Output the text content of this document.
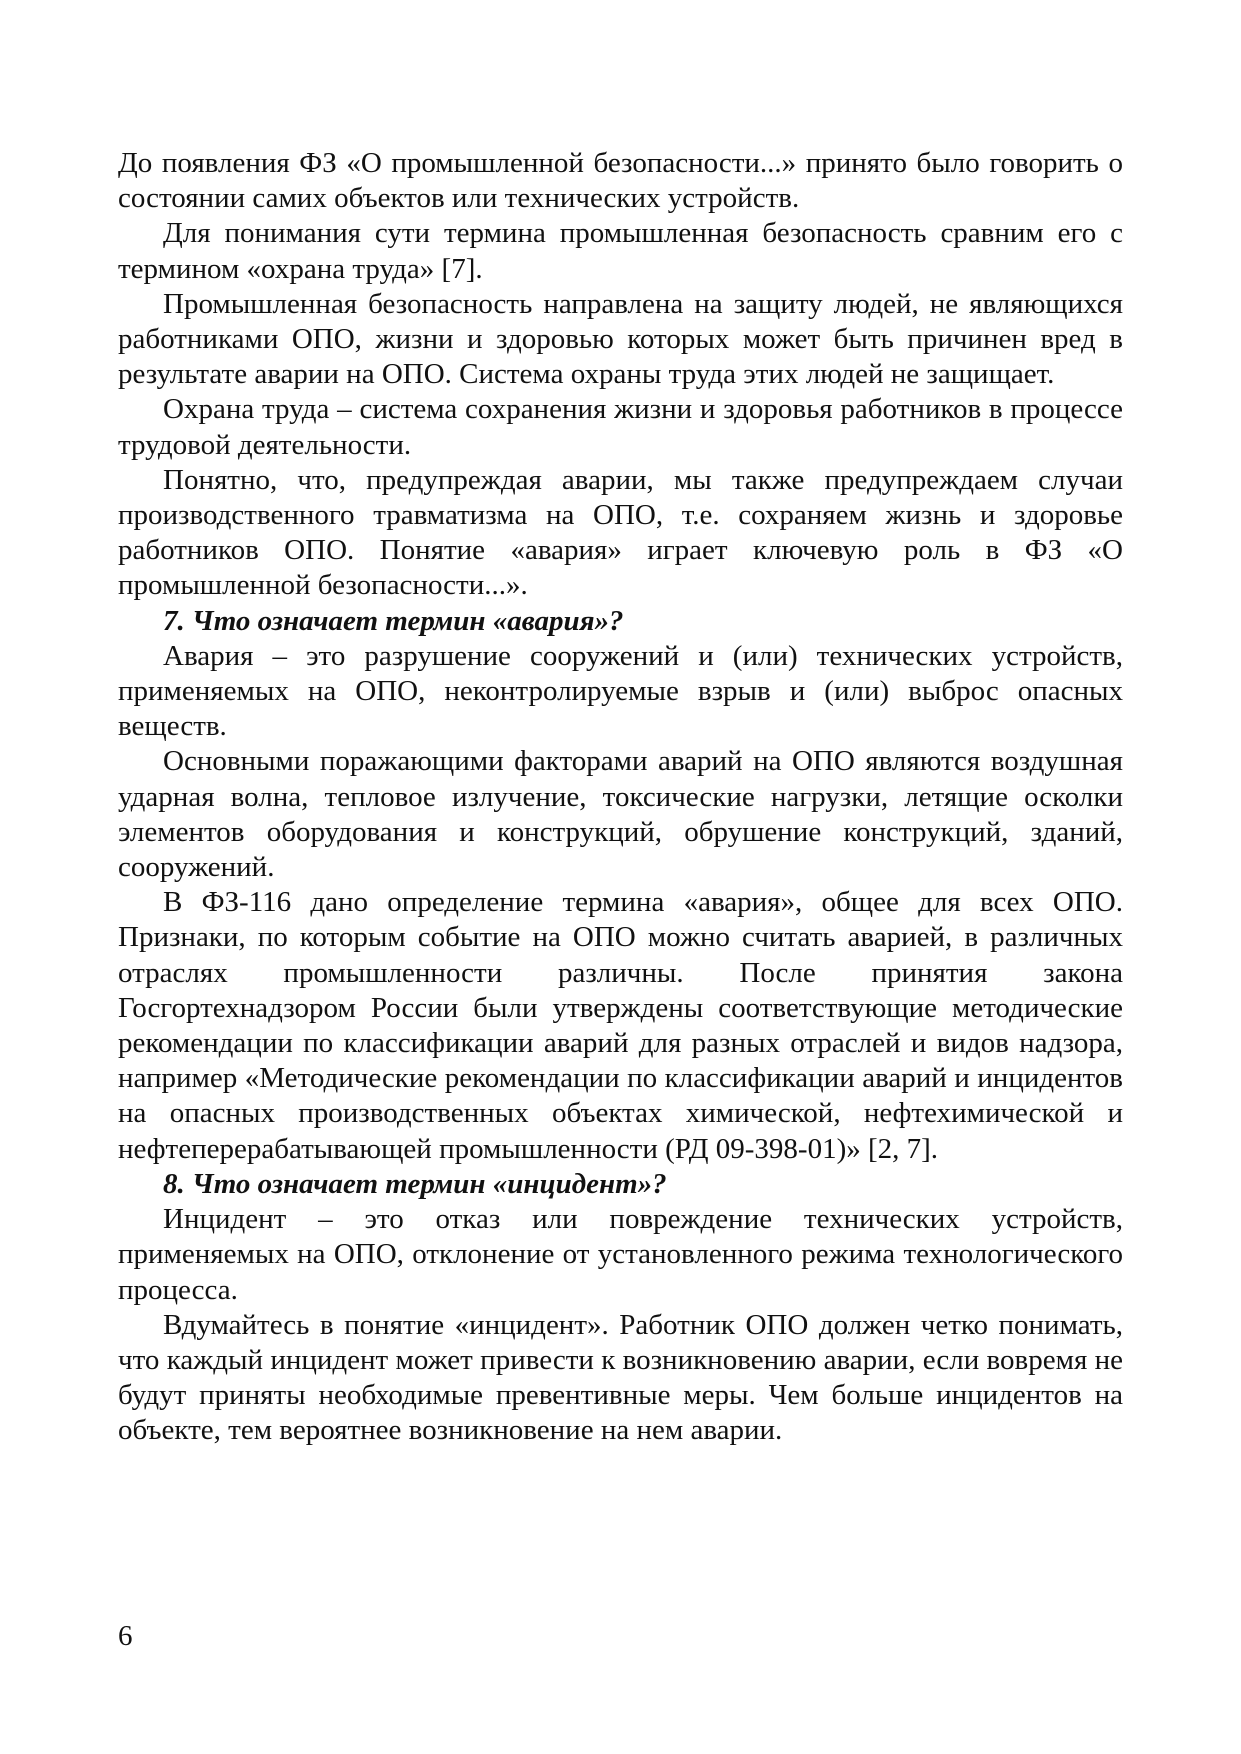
До появления ФЗ «О промышленной безопасности...» принято было говорить о состоянии самих объектов или технических устройств.

Для понимания сути термина промышленная безопасность сравним его с термином «охрана труда» [7].

Промышленная безопасность направлена на защиту людей, не являющихся работниками ОПО, жизни и здоровью которых может быть причинен вред в результате аварии на ОПО. Система охраны труда этих людей не защищает.

Охрана труда – система сохранения жизни и здоровья работников в процессе трудовой деятельности.

Понятно, что, предупреждая аварии, мы также предупреждаем случаи производственного травматизма на ОПО, т.е. сохраняем жизнь и здоровье работников ОПО. Понятие «авария» играет ключевую роль в ФЗ «О промышленной безопасности...».

7. Что означает термин «авария»?

Авария – это разрушение сооружений и (или) технических устройств, применяемых на ОПО, неконтролируемые взрыв и (или) выброс опасных веществ.

Основными поражающими факторами аварий на ОПО являются воздушная ударная волна, тепловое излучение, токсические нагрузки, летящие осколки элементов оборудования и конструкций, обрушение конструкций, зданий, сооружений.

В ФЗ-116 дано определение термина «авария», общее для всех ОПО. Признаки, по которым событие на ОПО можно считать аварией, в различных отраслях промышленности различны. После принятия закона Госгортехнадзором России были утверждены соответствующие методические рекомендации по классификации аварий для разных отраслей и видов надзора, например «Методические рекомендации по классификации аварий и инцидентов на опасных производственных объектах химической, нефтехимической и нефтеперерабатывающей промышленности (РД 09-398-01)» [2, 7].

8. Что означает термин «инцидент»?

Инцидент – это отказ или повреждение технических устройств, применяемых на ОПО, отклонение от установленного режима технологического процесса.

Вдумайтесь в понятие «инцидент». Работник ОПО должен четко понимать, что каждый инцидент может привести к возникновению аварии, если вовремя не будут приняты необходимые превентивные меры. Чем больше инцидентов на объекте, тем вероятнее возникновение на нем аварии.

6
